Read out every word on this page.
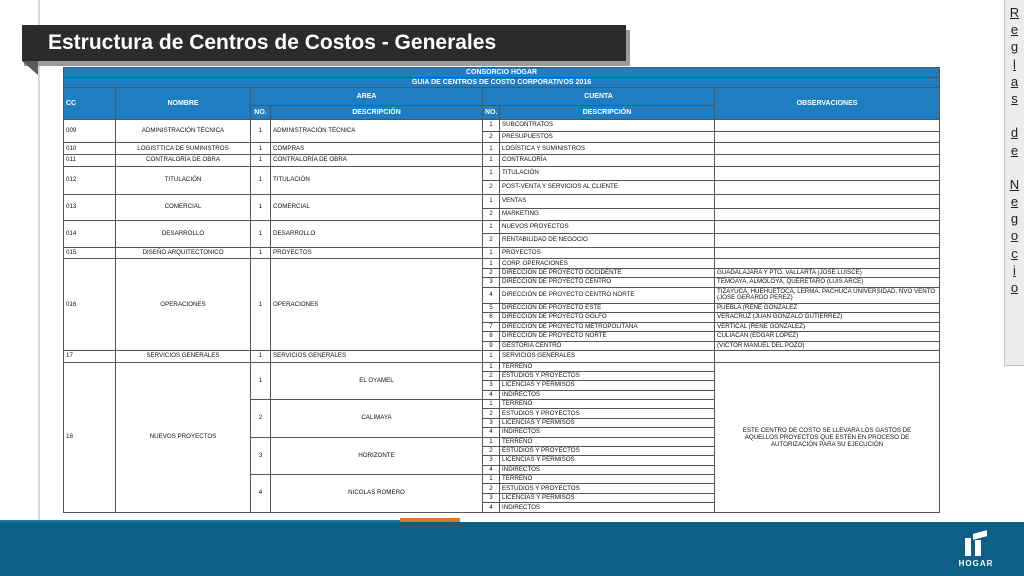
Estructura de Centros de Costos - Generales
R
e
g
l
a
s
d
e
N
e
g
o
c
i
o
CONSORCIO HOGAR						
GUIA DE CENTROS DE COSTO CORPORATIVOS 2016						
CC	NOMBRE	AREA		CUENTA		OBSERVACIONES
		NO.	DESCRIPCIÓN	NO.	DESCRIPCIÓN	
009	ADMINISTRACIÓN TÉCNICA	1	ADMINISTRACIÓN TÉCNICA	1	SUBCONTRATOS	
				2	PRESUPUESTOS	
010	LOGISTTICA DE SUMINISTROS	1	COMPRAS	1	LOGÍSTICA Y SUMINISTROS	
011	CONTRALORÍA DE OBRA	1	CONTRALORÍA DE OBRA	1	CONTRALORÍA	
012	TITULACIÓN	1	TITULACIÓN	1	TITULACIÓN	
				2	POST-VENTA Y SERVICIOS AL CLIENTE	
013	COMERCIAL	1	COMERCIAL	1	VENTAS	
				2	MARKETING	
014	DESARROLLO	1	DESARROLLO	1	NUEVOS PROYECTOS	
				2	RENTABILIDAD DE NEGOCIO	
015	DISEÑO ARQUITECTONICO	1	PROYECTOS	1	PROYECTOS	
016	OPERACIONES	1	OPERACIONES	1	CORP. OPERACIONES	
				2	DIRECCIÓN DE PROYECTO OCCIDENTE	GUADALAJARA Y PTO. VALLARTA (JOSE LUISCE)
				3	DIRECCIÓN DE PROYECTO CENTRO	TEMOAYA, ALMOLOYA, QUERETARO (LUIS ARCE)
				4	DIRECCIÓN DE PROYECTO CENTRO NORTE	TIZAYUCA, HUEHUETOCA, LERMA, PACHUCA UNIVERSIDAD, NVO VENTO (JOSE GERARDO PEREZ)
				5	DIRECCIÓN DE PROYECTO ESTE	PUEBLA (RENE GONZALEZ
				6	DIRECCIÓN DE PROYECTO GOLFO	VERACRUZ (JUAN GONZALO GUTIERREZ)
				7	DIRECCIÓN DE PROYECTO METROPOLITANA	VERTICAL (RENE GONZALEZ)
				8	DIRECCIÓN DE PROYECTO NORTE	CULIACAN (EDGAR LOPEZ)
				9	GESTORIA CENTRO	(VICTOR MANUEL DEL POZO)
17	SERVICIOS GENERALES	1	SERVICIOS GENERALES	1	SERVICIOS GENERALES	
18	NUEVOS PROYECTOS	1	EL OYAMEL	1	TERRENO	ESTE CENTRO DE COSTO SE LLEVARA LOS GASTOS DE AQUELLOS PROYECTOS QUE ESTEN EN PROCESO DE AUTORIZACIÓN PARA SU EJECUCIÓN
				2	ESTUDIOS Y PROYECTOS	
				3	LICENCIAS Y PERMISOS	
				4	INDIRECTOS	
		2	CALIMAYA	1	TERRENO	
				2	ESTUDIOS Y PROYECTOS	
				3	LICENCIAS Y PERMISOS	
				4	INDIRECTOS	
		3	HORIZONTE	1	TERRENO	
				2	ESTUDIOS Y PROYECTOS	
				3	LICENCIAS Y PERMISOS	
				4	INDIRECTOS	
		4	NICOLAS ROMERO	1	TERRENO	
				2	ESTUDIOS Y PROYECTOS	
				3	LICENCIAS Y PERMISOS	
				4	INDIRECTOS	
HOGAR
